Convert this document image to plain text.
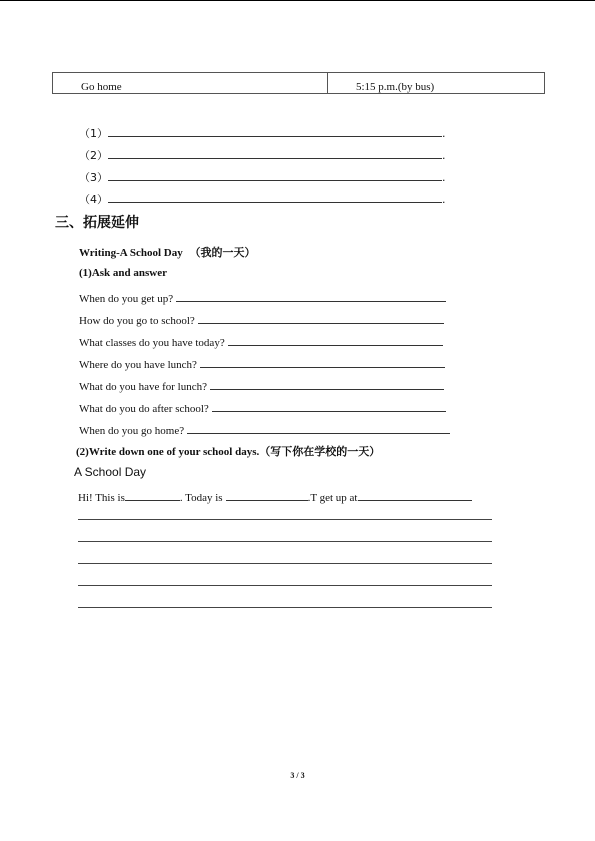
Go home	5:15 p.m.(by bus)
（1）	.
（2）	.
（3）	.
（4）	.
三、拓展延伸
Writing-A School Day （我的一天）
(1)Ask and answer
When do you get up?
How do you go to school?
What classes do you have today?
Where do you have lunch?
What do you have for lunch?
What do you do after school?
When do you go home?
(2)Write down one of your school days.（写下你在学校的一天）
A School Day
Hi! This is	. Today is	.T get up at
3 / 3
